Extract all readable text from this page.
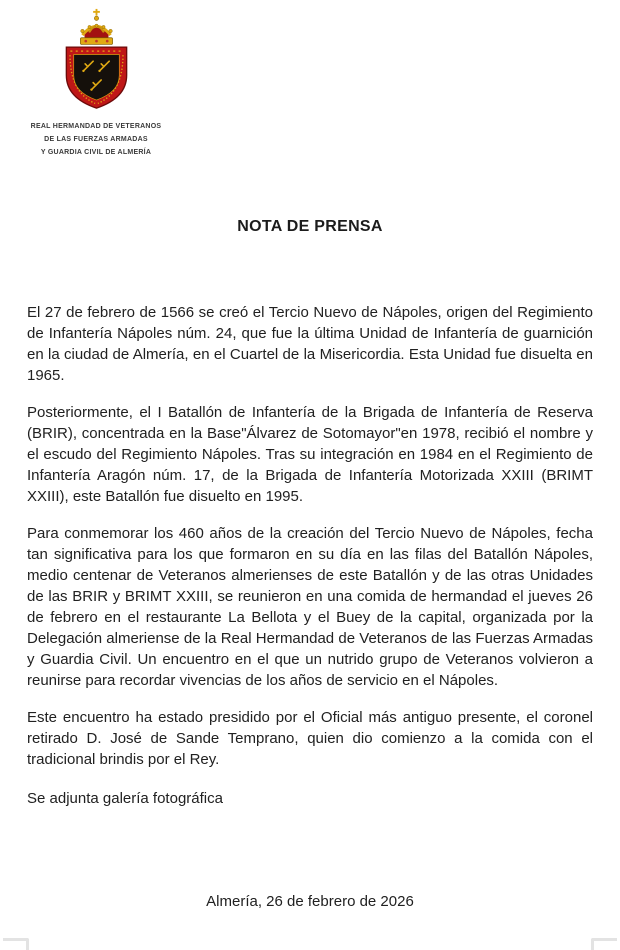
REAL HERMANDAD DE VETERANOS
DE LAS FUERZAS ARMADAS
Y GUARDIA CIVIL DE ALMERÍA
NOTA DE PRENSA

El 27 de febrero de 1566 se creó el Tercio Nuevo de Nápoles, origen del Regimiento de Infantería Nápoles núm. 24, que fue la última Unidad de Infantería de guarnición en la ciudad de Almería, en el Cuartel de la Misericordia. Esta Unidad fue disuelta en 1965.

Posteriormente, el I Batallón de Infantería de la Brigada de Infantería de Reserva (BRIR), concentrada en la Base"Álvarez de Sotomayor"en 1978, recibió el nombre y el escudo del Regimiento Nápoles. Tras su integración en 1984 en el Regimiento de Infantería Aragón núm. 17, de la Brigada de Infantería Motorizada XXIII (BRIMT XXIII), este Batallón fue disuelto en 1995.

Para conmemorar los 460 años de la creación del Tercio Nuevo de Nápoles, fecha tan significativa para los que formaron en su día en las filas del Batallón Nápoles, medio centenar de Veteranos almerienses de este Batallón y de las otras Unidades de las BRIR y BRIMT XXIII, se reunieron en una comida de hermandad el jueves 26 de febrero en el restaurante La Bellota y el Buey de la capital, organizada por la Delegación almeriense de la Real Hermandad de Veteranos de las Fuerzas Armadas y Guardia Civil. Un encuentro en el que un nutrido grupo de Veteranos volvieron a reunirse para recordar vivencias de los años de servicio en el Nápoles.

Este encuentro ha estado presidido por el Oficial más antiguo presente, el coronel retirado D. José de Sande Temprano, quien dio comienzo a la comida con el tradicional brindis por el Rey.

Se adjunta galería fotográfica

Almería, 26 de febrero de 2026
